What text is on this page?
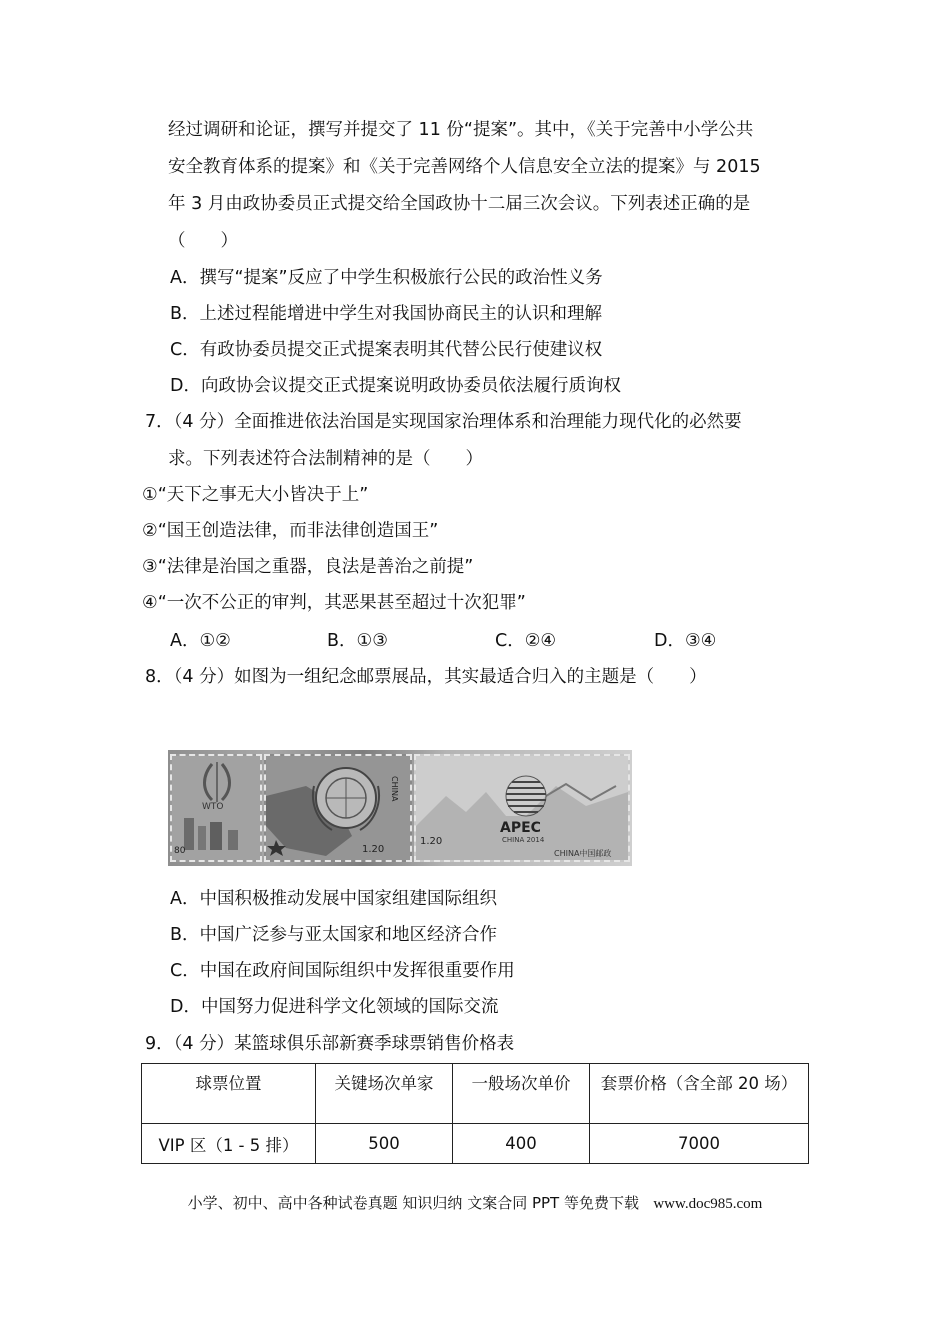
经过调研和论证，撰写并提交了 11 份“提案”。其中，《关于完善中小学公共
安全教育体系的提案》和《关于完善网络个人信息安全立法的提案》与 2015
年 3 月由政协委员正式提交给全国政协十二届三次会议。下列表述正确的是
（　　）
A．撰写“提案”反应了中学生积极旅行公民的政治性义务
B．上述过程能增进中学生对我国协商民主的认识和理解
C．有政协委员提交正式提案表明其代替公民行使建议权
D．向政协会议提交正式提案说明政协委员依法履行质询权
7．（4 分）全面推进依法治国是实现国家治理体系和治理能力现代化的必然要
求。下列表述符合法制精神的是（　　）
①“天下之事无大小皆决于上”
②“国王创造法律，而非法律创造国王”
③“法律是治国之重器，良法是善治之前提”
④“一次不公正的审判，其恶果甚至超过十次犯罪”
A．①②	B．①③	C．②④	D．③④
8．（4 分）如图为一组纪念邮票展品，其实最适合归入的主题是（　　）
WTO
80	1.20
CHINA
APEC
CHINA 2014
1.20
CHINA中国邮政
A．中国积极推动发展中国家组建国际组织
B．中国广泛参与亚太国家和地区经济合作
C．中国在政府间国际组织中发挥很重要作用
D．中国努力促进科学文化领域的国际交流
9．（4 分）某篮球俱乐部新赛季球票销售价格表
球票位置	关键场次单家	一般场次单价	套票价格（含全部 20 场）
VIP 区（1 - 5 排）	500	400	7000
小学、初中、高中各种试卷真题 知识归纳 文案合同 PPT 等免费下载 www.doc985.com
